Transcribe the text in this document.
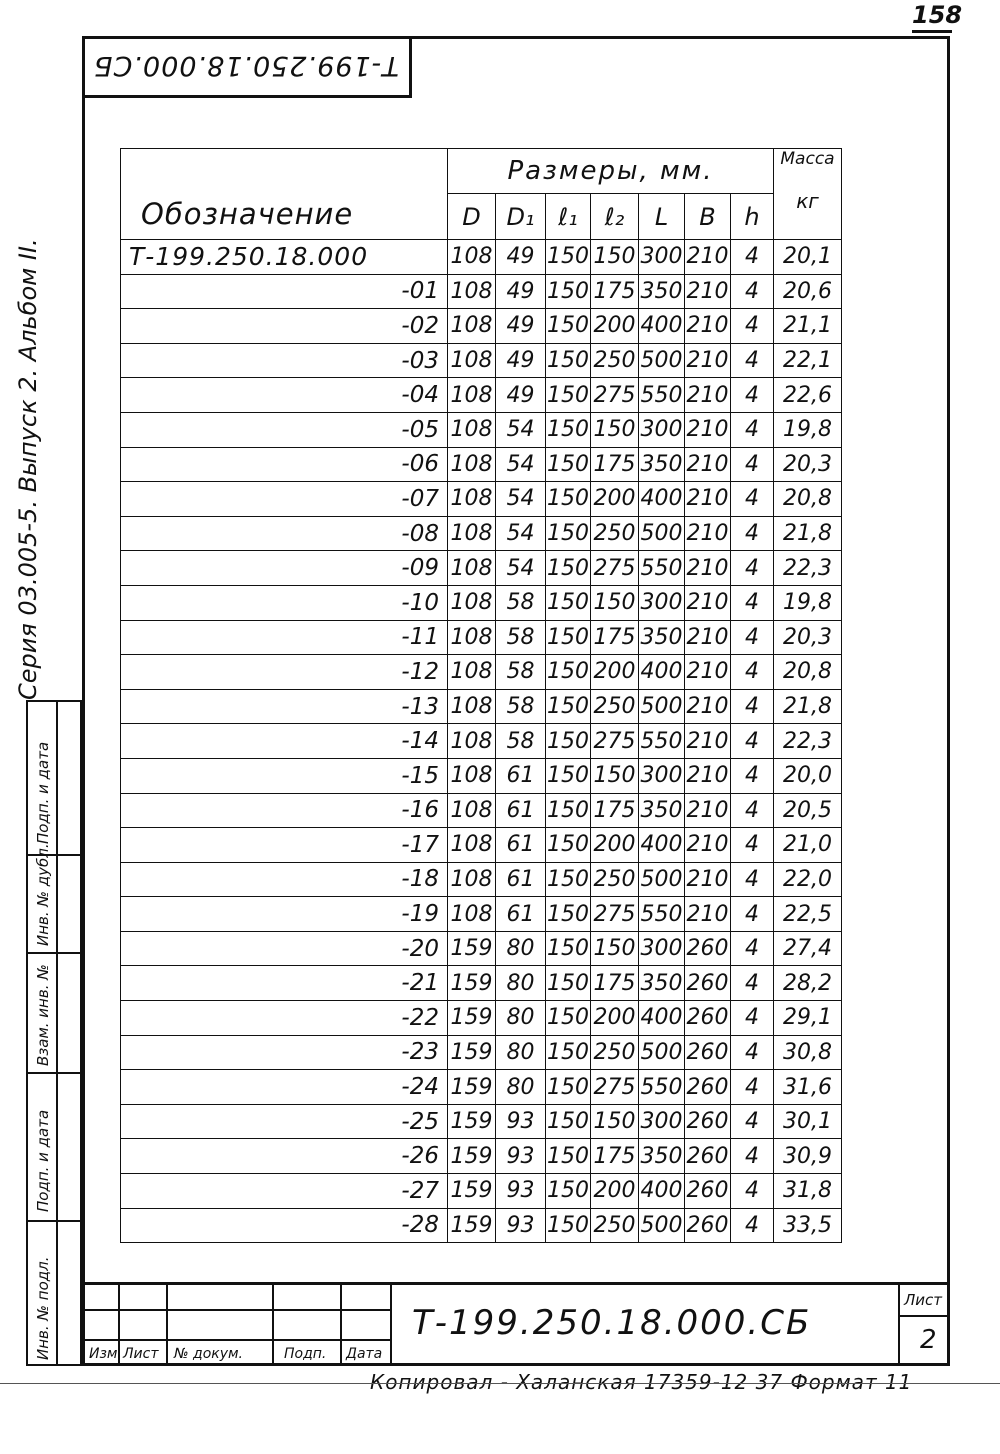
158
Т-199.250.18.000.СБ
Серия 03.005-5. Выпуск 2. Альбом II.
Подп. и дата
Инв. № дубл.
Взам. инв. №
Подп. и дата
Инв. № подл.
Обозначение	Размеры, мм.							Масса
кг

	D	D₁	ℓ₁	ℓ₂	L	B	h	
Т-199.250.18.000	108	49	150	150	300	210	4	20,1
-01	108	49	150	175	350	210	4	20,6
-02	108	49	150	200	400	210	4	21,1
-03	108	49	150	250	500	210	4	22,1
-04	108	49	150	275	550	210	4	22,6
-05	108	54	150	150	300	210	4	19,8
-06	108	54	150	175	350	210	4	20,3
-07	108	54	150	200	400	210	4	20,8
-08	108	54	150	250	500	210	4	21,8
-09	108	54	150	275	550	210	4	22,3
-10	108	58	150	150	300	210	4	19,8
-11	108	58	150	175	350	210	4	20,3
-12	108	58	150	200	400	210	4	20,8
-13	108	58	150	250	500	210	4	21,8
-14	108	58	150	275	550	210	4	22,3
-15	108	61	150	150	300	210	4	20,0
-16	108	61	150	175	350	210	4	20,5
-17	108	61	150	200	400	210	4	21,0
-18	108	61	150	250	500	210	4	22,0
-19	108	61	150	275	550	210	4	22,5
-20	159	80	150	150	300	260	4	27,4
-21	159	80	150	175	350	260	4	28,2
-22	159	80	150	200	400	260	4	29,1
-23	159	80	150	250	500	260	4	30,8
-24	159	80	150	275	550	260	4	31,6
-25	159	93	150	150	300	260	4	30,1
-26	159	93	150	175	350	260	4	30,9
-27	159	93	150	200	400	260	4	31,8
-28	159	93	150	250	500	260	4	33,5
Изм. Лист № докум.	Подп. Дата
Т-199.250.18.000.СБ
Лист
2
Копировал - Халанская 17359-12 37 Формат 11
